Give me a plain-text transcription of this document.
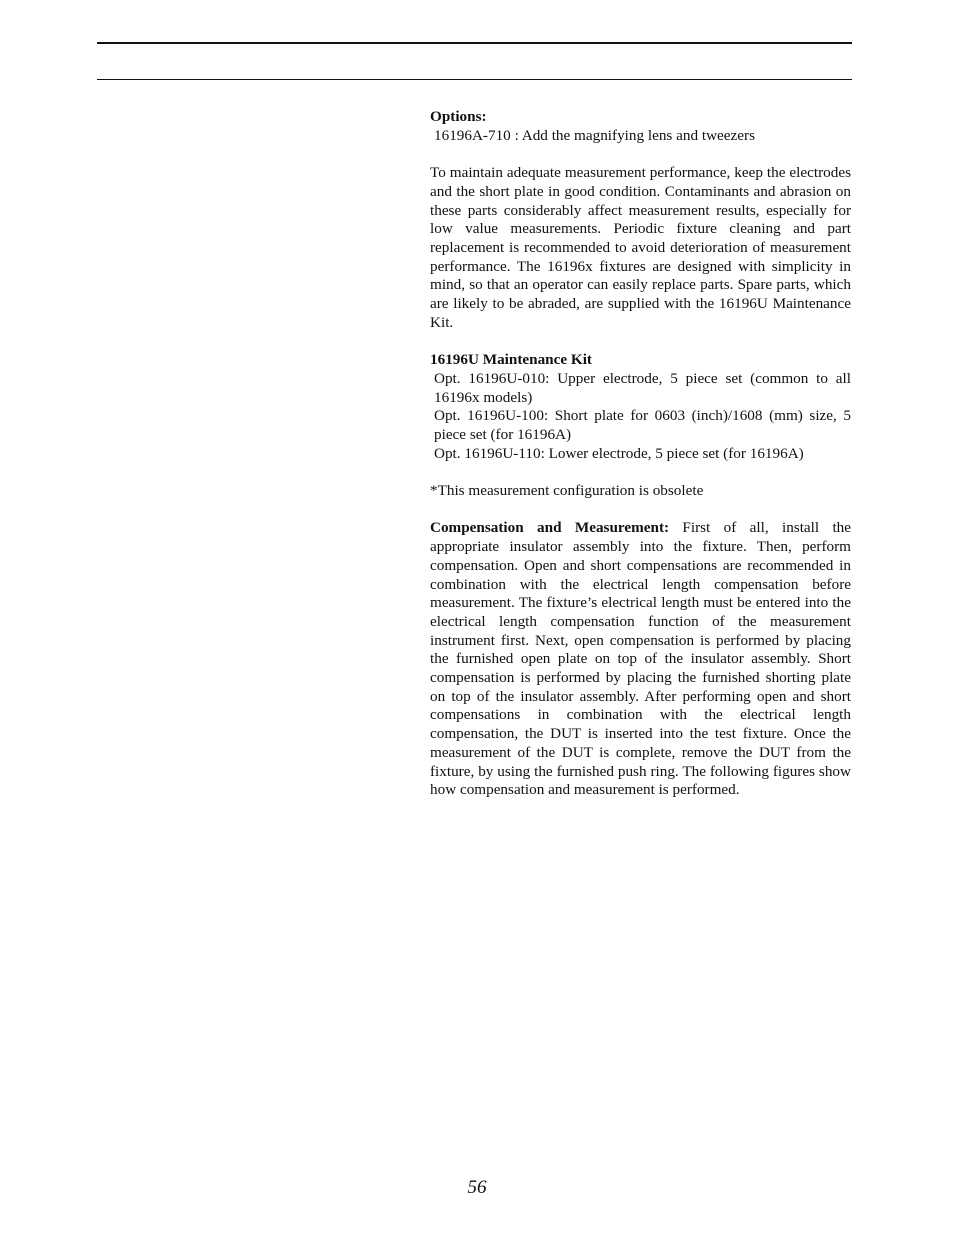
Options:
16196A-710 : Add the magnifying lens and tweezers

To maintain adequate measurement performance, keep the electrodes and the short plate in good condition. Contaminants and abrasion on these parts considerably affect measurement results, especially for low value measurements. Periodic fixture cleaning and part replacement is recommended to avoid deterioration of measurement performance. The 16196x fixtures are designed with simplicity in mind, so that an operator can easily replace parts. Spare parts, which are likely to be abraded, are supplied with the 16196U Maintenance Kit.

16196U Maintenance Kit
Opt. 16196U-010: Upper electrode, 5 piece set (common to all 16196x models)
Opt. 16196U-100: Short plate for 0603 (inch)/1608 (mm) size, 5 piece set (for 16196A)
Opt. 16196U-110: Lower electrode, 5 piece set (for 16196A)

*This measurement configuration is obsolete

Compensation and Measurement: First of all, install the appropriate insulator assembly into the fixture. Then, perform compensation. Open and short compensations are recommended in combination with the electrical length compensation before measurement. The fixture’s electrical length must be entered into the electrical length compensation function of the measurement instrument first. Next, open compensation is performed by placing the furnished open plate on top of the insulator assembly. Short compensation is performed by placing the furnished shorting plate on top of the insulator assembly. After performing open and short compensations in combination with the electrical length compensation, the DUT is inserted into the test fixture. Once the measurement of the DUT is complete, remove the DUT from the fixture, by using the furnished push ring. The following figures show how compensation and measurement is performed.

56
